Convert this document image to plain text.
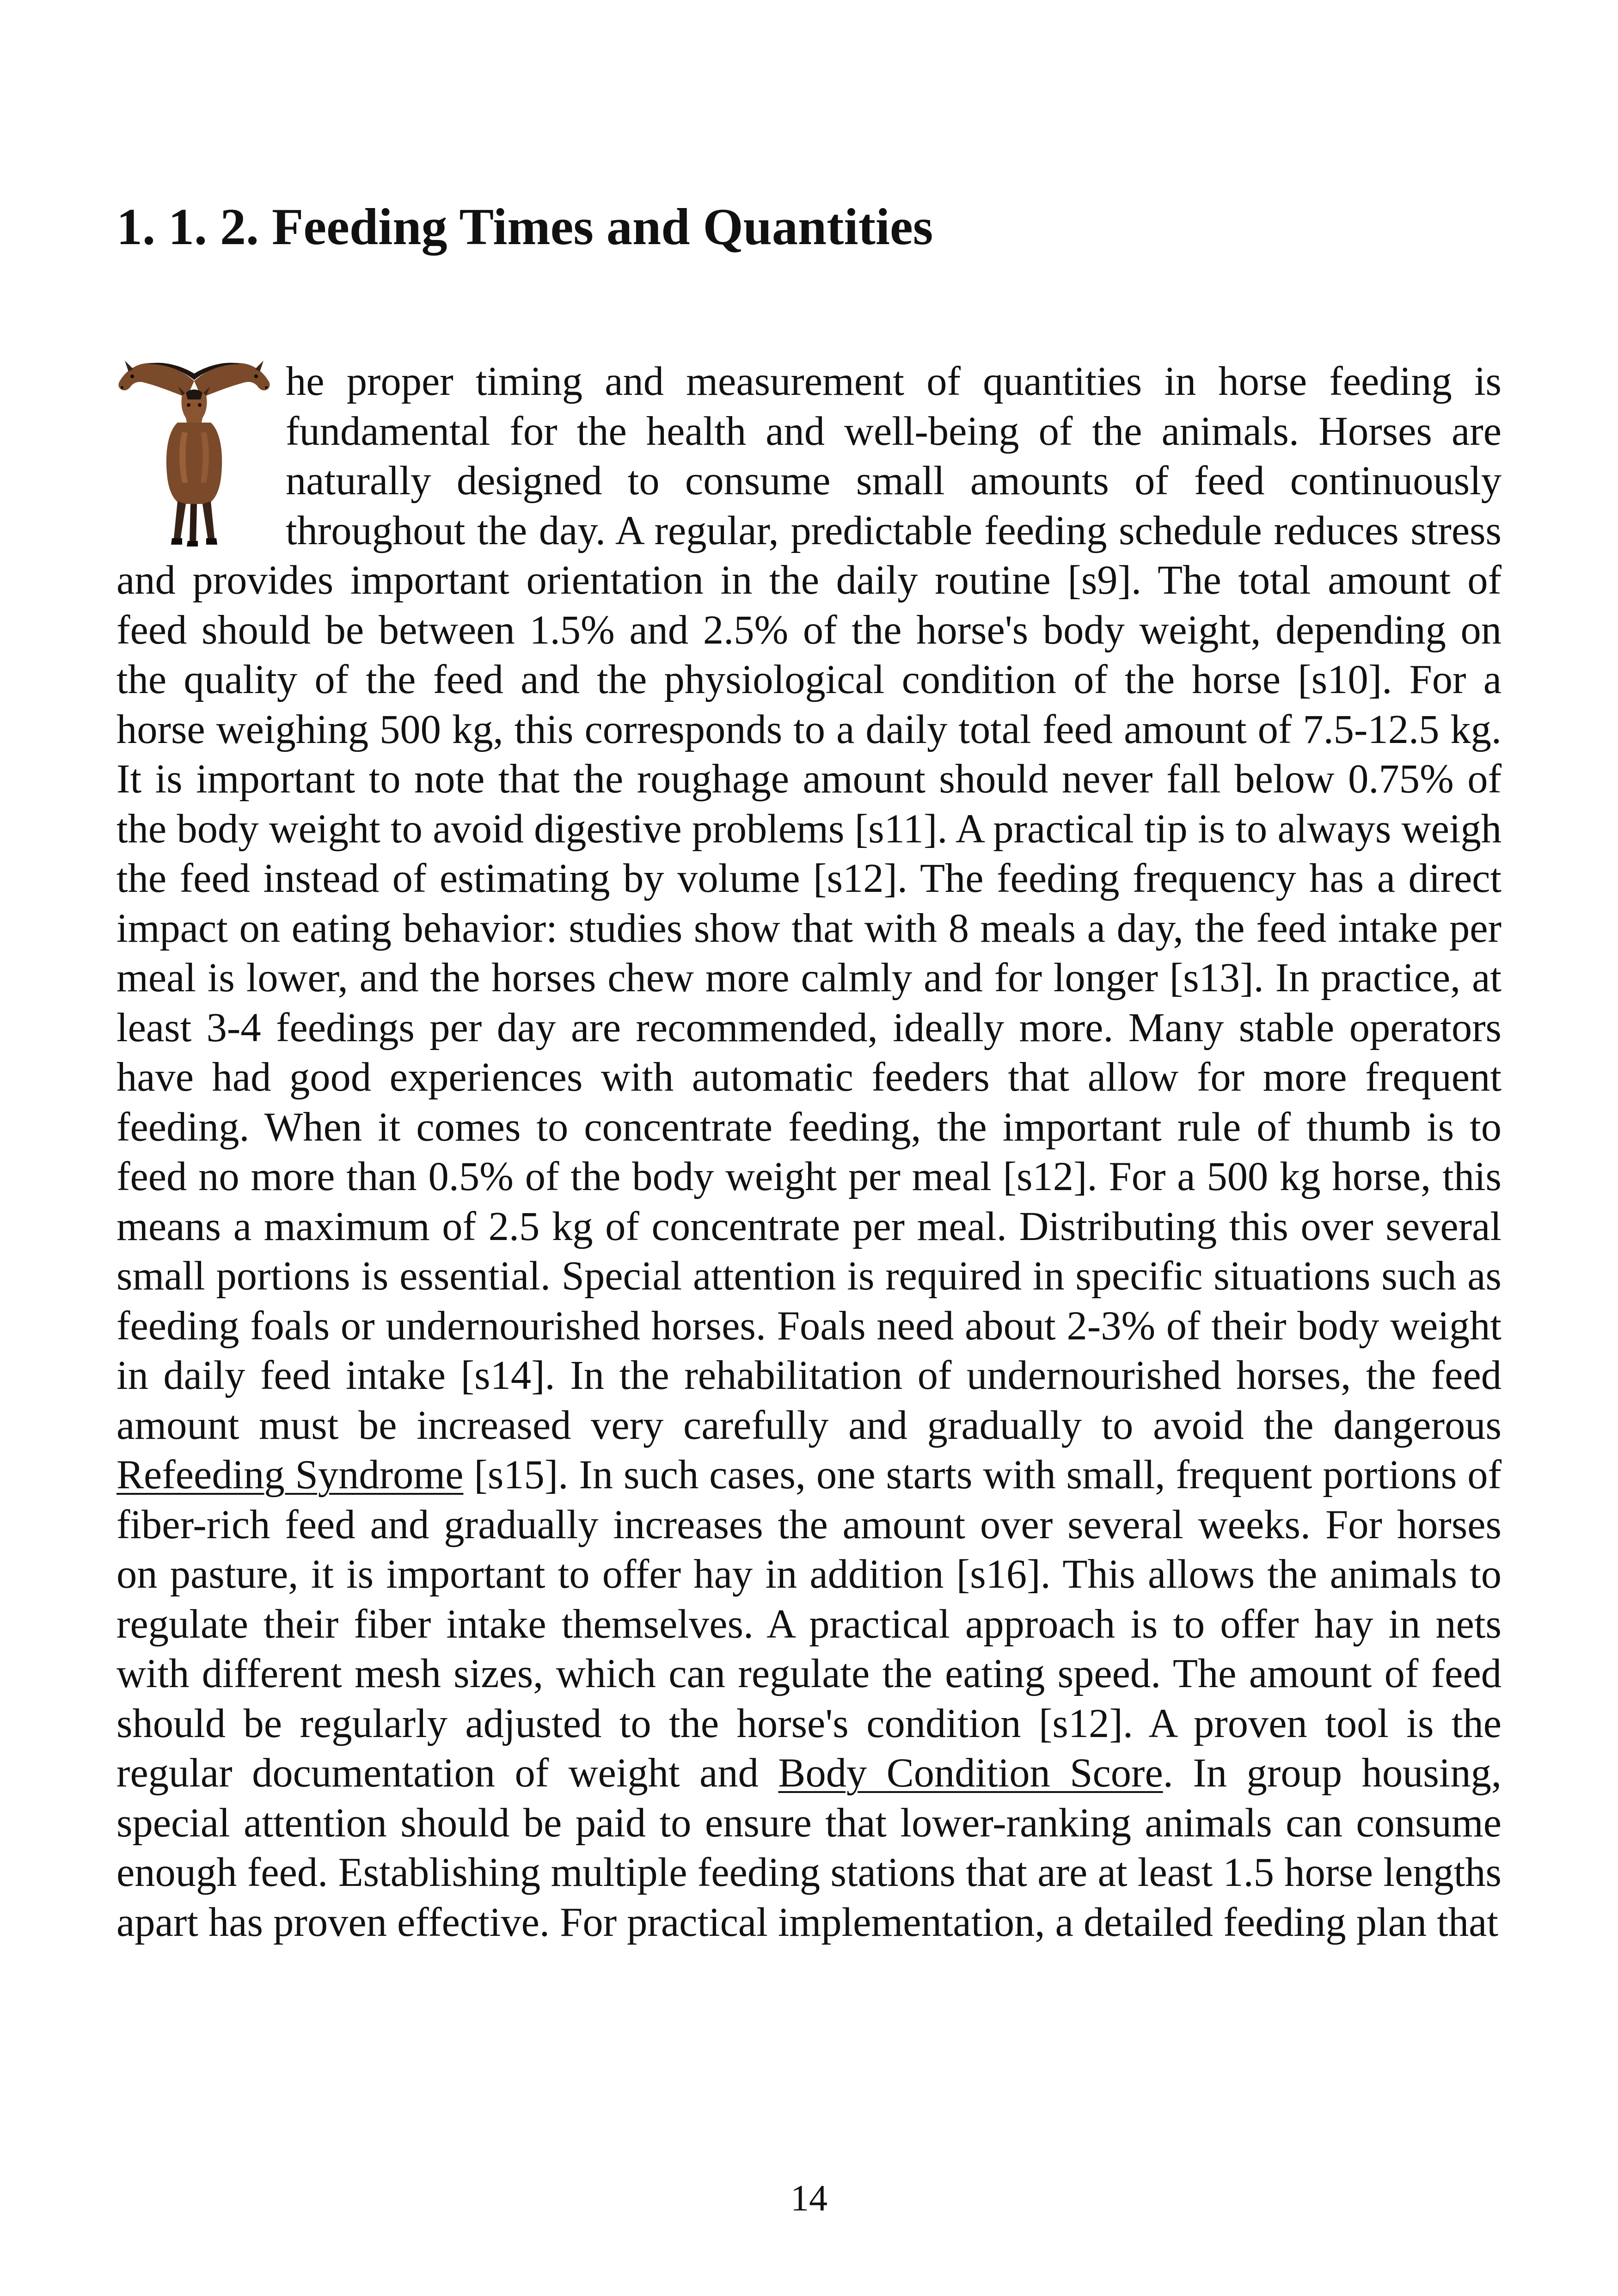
1. 1. 2. Feeding Times and Quantities

he proper timing and measurement of quantities in horse feeding is fundamental for the health and well-being of the animals. Horses are naturally designed to consume small amounts of feed continuously throughout the day. A regular, predictable feeding schedule reduces stress and provides important orientation in the daily routine [s9]. The total amount of feed should be between 1.5% and 2.5% of the horse's body weight, depending on the quality of the feed and the physiological condition of the horse [s10]. For a horse weighing 500 kg, this corresponds to a daily total feed amount of 7.5-12.5 kg. It is important to note that the roughage amount should never fall below 0.75% of the body weight to avoid digestive problems [s11]. A practical tip is to always weigh the feed instead of estimating by volume [s12]. The feeding frequency has a direct impact on eating behavior: studies show that with 8 meals a day, the feed intake per meal is lower, and the horses chew more calmly and for longer [s13]. In practice, at least 3-4 feedings per day are recommended, ideally more. Many stable operators have had good experiences with automatic feeders that allow for more frequent feeding. When it comes to concentrate feeding, the important rule of thumb is to feed no more than 0.5% of the body weight per meal [s12]. For a 500 kg horse, this means a maximum of 2.5 kg of concentrate per meal. Distributing this over several small portions is essential. Special attention is required in specific situations such as feeding foals or undernourished horses. Foals need about 2-3% of their body weight in daily feed intake [s14]. In the rehabilitation of undernourished horses, the feed amount must be increased very carefully and gradually to avoid the dangerous Refeeding Syndrome [s15]. In such cases, one starts with small, frequent portions of fiber-rich feed and gradually increases the amount over several weeks. For horses on pasture, it is important to offer hay in addition [s16]. This allows the animals to regulate their fiber intake themselves. A practical approach is to offer hay in nets with different mesh sizes, which can regulate the eating speed. The amount of feed should be regularly adjusted to the horse's condition [s12]. A proven tool is the regular documentation of weight and Body Condition Score. In group housing, special attention should be paid to ensure that lower-ranking animals can consume enough feed. Establishing multiple feeding stations that are at least 1.5 horse lengths apart has proven effective. For practical implementation, a detailed feeding plan that

14
